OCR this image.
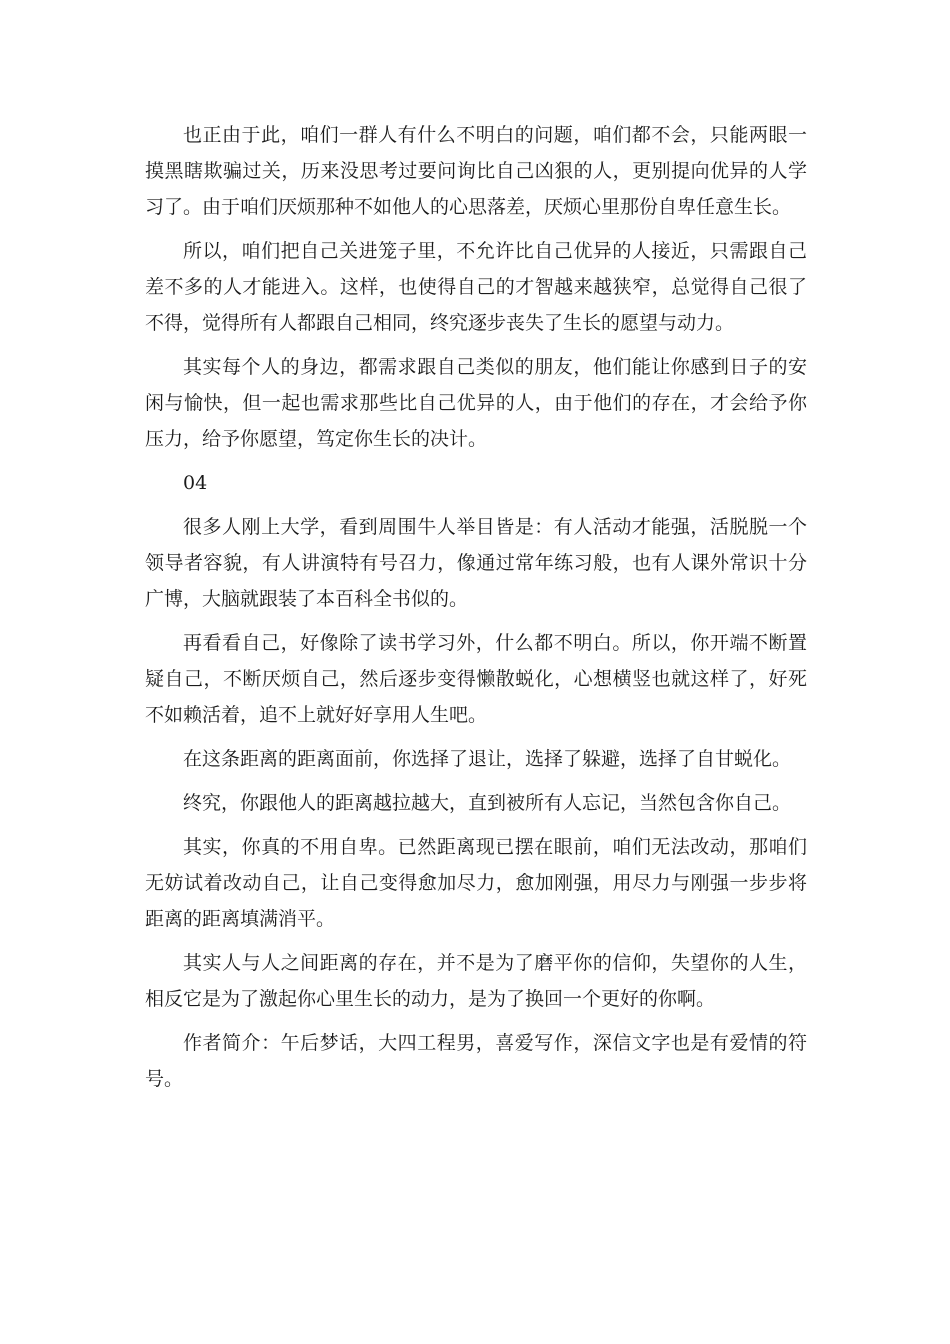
也正由于此，咱们一群人有什么不明白的问题，咱们都不会，只能两眼一摸黑瞎欺骗过关，历来没思考过要问询比自己凶狠的人，更别提向优异的人学习了。由于咱们厌烦那种不如他人的心思落差，厌烦心里那份自卑任意生长。

所以，咱们把自己关进笼子里，不允许比自己优异的人接近，只需跟自己差不多的人才能进入。这样，也使得自己的才智越来越狭窄，总觉得自己很了不得，觉得所有人都跟自己相同，终究逐步丧失了生长的愿望与动力。

其实每个人的身边，都需求跟自己类似的朋友，他们能让你感到日子的安闲与愉快，但一起也需求那些比自己优异的人，由于他们的存在，才会给予你压力，给予你愿望，笃定你生长的决计。

04

很多人刚上大学，看到周围牛人举目皆是：有人活动才能强，活脱脱一个领导者容貌，有人讲演特有号召力，像通过常年练习般，也有人课外常识十分广博，大脑就跟装了本百科全书似的。

再看看自己，好像除了读书学习外，什么都不明白。所以，你开端不断置疑自己，不断厌烦自己，然后逐步变得懒散蜕化，心想横竖也就这样了，好死不如赖活着，追不上就好好享用人生吧。

在这条距离的距离面前，你选择了退让，选择了躲避，选择了自甘蜕化。

终究，你跟他人的距离越拉越大，直到被所有人忘记，当然包含你自己。

其实，你真的不用自卑。已然距离现已摆在眼前，咱们无法改动，那咱们无妨试着改动自己，让自己变得愈加尽力，愈加刚强，用尽力与刚强一步步将距离的距离填满消平。

其实人与人之间距离的存在，并不是为了磨平你的信仰，失望你的人生，相反它是为了激起你心里生长的动力，是为了换回一个更好的你啊。

作者简介：午后梦话，大四工程男，喜爱写作，深信文字也是有爱情的符号。
